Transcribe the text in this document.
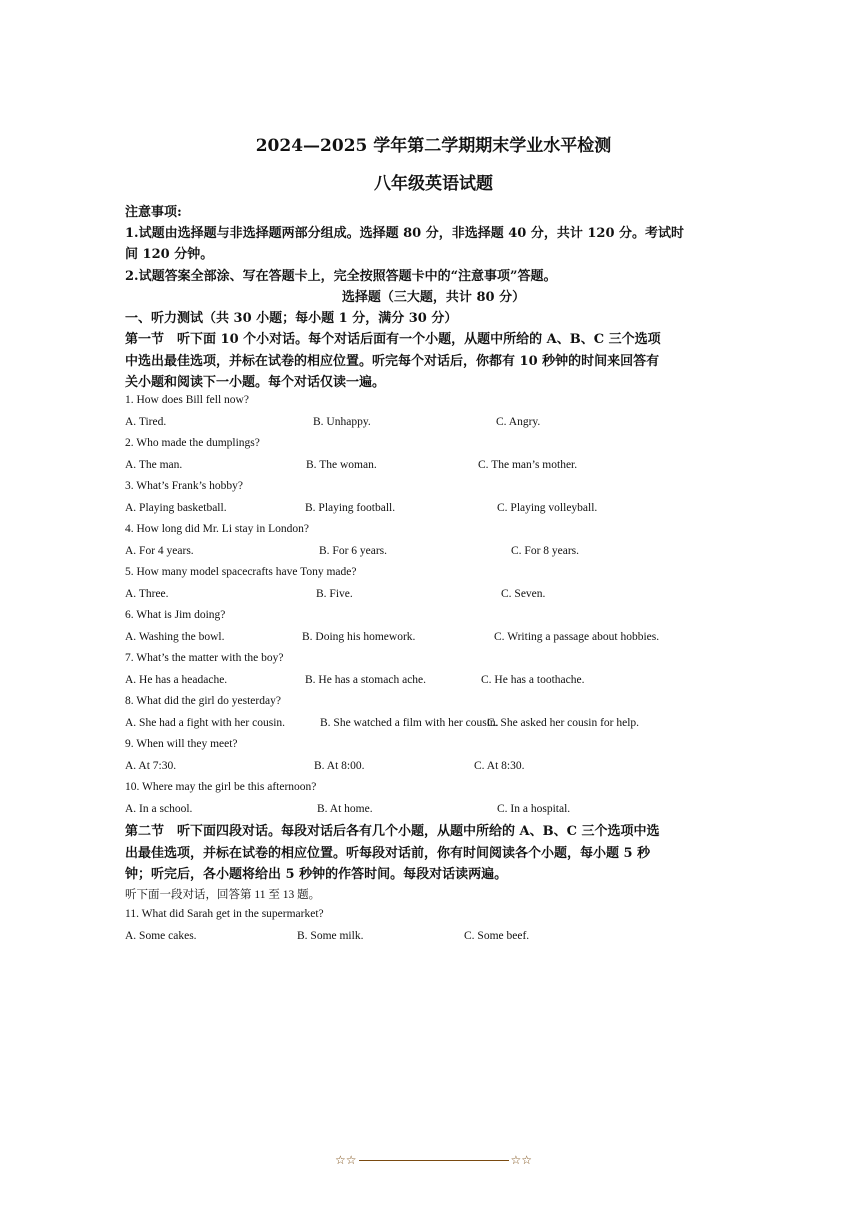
2024—2025 学年第二学期期末学业水平检测
八年级英语试题
注意事项:
1.试题由选择题与非选择题两部分组成。选择题 80 分，非选择题 40 分，共计 120 分。考试时
间 120 分钟。
2.试题答案全部涂、写在答题卡上，完全按照答题卡中的“注意事项”答题。
选择题（三大题，共计 80 分）
一、听力测试（共 30 小题；每小题 1 分，满分 30 分）
第一节　听下面 10 个小对话。每个对话后面有一个小题，从题中所给的 A、B、C 三个选项
中选出最佳选项，并标在试卷的相应位置。听完每个对话后，你都有 10 秒钟的时间来回答有
关小题和阅读下一小题。每个对话仅读一遍。
1. How does Bill fell now?
A. Tired.	B. Unhappy.	C. Angry.
2. Who made the dumplings?
A. The man.	B. The woman.	C. The man’s mother.
3. What’s Frank’s hobby?
A. Playing basketball.	B. Playing football.	C. Playing volleyball.
4. How long did Mr. Li stay in London?
A. For 4 years.	B. For 6 years.	C. For 8 years.
5. How many model spacecrafts have Tony made?
A. Three.	B. Five.	C. Seven.
6. What is Jim doing?
A. Washing the bowl.	B. Doing his homework.	C. Writing a passage about hobbies.
7. What’s the matter with the boy?
A. He has a headache.	B. He has a stomach ache.	C. He has a toothache.
8. What did the girl do yesterday?
A. She had a fight with her cousin.	B. She watched a film with her cousin.
C. She asked her cousin for help.
9. When will they meet?
A. At 7:30.	B. At 8:00.	C. At 8:30.
10. Where may the girl be this afternoon?
A. In a school.	B. At home.	C. In a hospital.
第二节　听下面四段对话。每段对话后各有几个小题，从题中所给的 A、B、C 三个选项中选
出最佳选项，并标在试卷的相应位置。听每段对话前，你有时间阅读各个小题，每小题 5 秒
钟；听完后，各小题将给出 5 秒钟的作答时间。每段对话读两遍。
听下面一段对话，回答第 11 至 13 题。
11. What did Sarah get in the supermarket?
A. Some cakes.	B. Some milk.	C. Some beef.
☆☆	☆☆
